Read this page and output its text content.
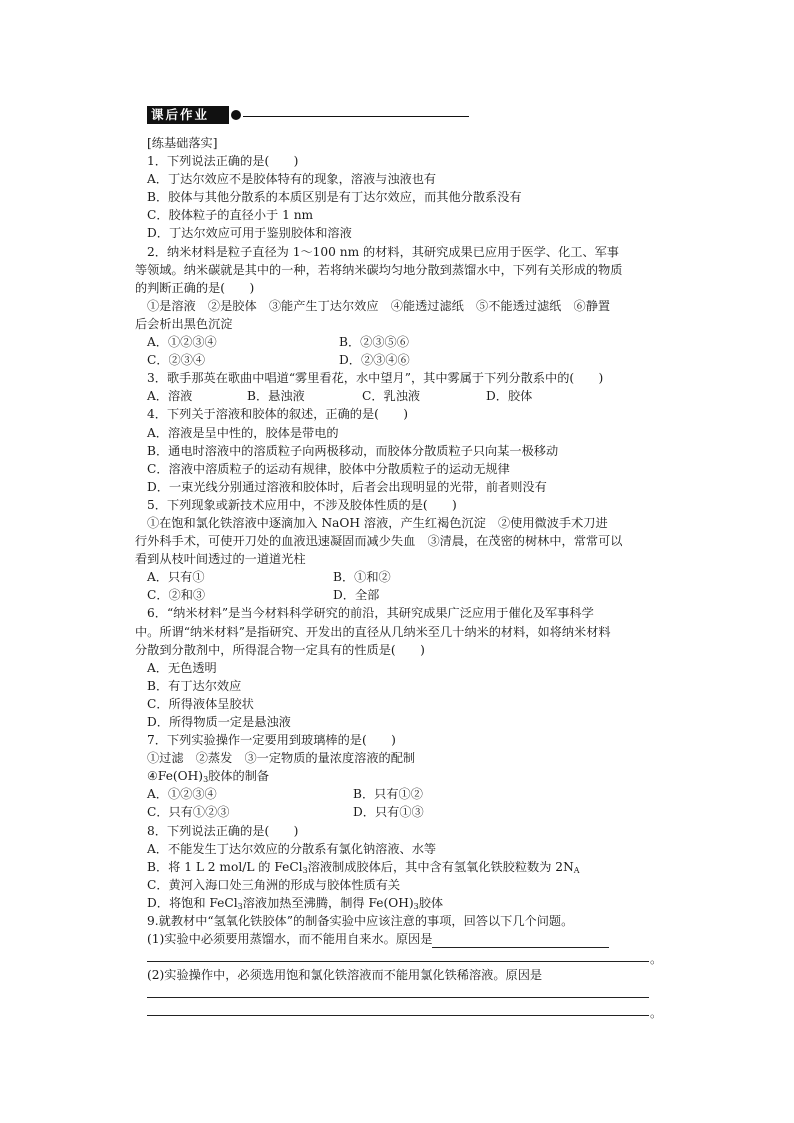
课后作业
[练基础落实]
1．下列说法正确的是(　　)
A．丁达尔效应不是胶体特有的现象，溶液与浊液也有
B．胶体与其他分散系的本质区别是有丁达尔效应，而其他分散系没有
C．胶体粒子的直径小于 1 nm
D．丁达尔效应可用于鉴别胶体和溶液
2．纳米材料是粒子直径为 1～100 nm 的材料，其研究成果已应用于医学、化工、军事
等领域。纳米碳就是其中的一种，若将纳米碳均匀地分散到蒸馏水中，下列有关形成的物质
的判断正确的是(　　)
①是溶液　②是胶体　③能产生丁达尔效应　④能透过滤纸　⑤不能透过滤纸　⑥静置
后会析出黑色沉淀
A．①②③④	B．②③⑤⑥
C．②③④	D．②③④⑥
3．歌手那英在歌曲中唱道“雾里看花，水中望月”，其中雾属于下列分散系中的(　　)
A．溶液	B．悬浊液	C．乳浊液	D．胶体
4．下列关于溶液和胶体的叙述，正确的是(　　)
A．溶液是呈中性的，胶体是带电的
B．通电时溶液中的溶质粒子向两极移动，而胶体分散质粒子只向某一极移动
C．溶液中溶质粒子的运动有规律，胶体中分散质粒子的运动无规律
D．一束光线分别通过溶液和胶体时，后者会出现明显的光带，前者则没有
5．下列现象或新技术应用中，不涉及胶体性质的是(　　)
①在饱和氯化铁溶液中逐滴加入 NaOH 溶液，产生红褐色沉淀　②使用微波手术刀进
行外科手术，可使开刀处的血液迅速凝固而减少失血　③清晨，在茂密的树林中，常常可以
看到从枝叶间透过的一道道光柱
A．只有①	B．①和②
C．②和③	D．全部
6．“纳米材料”是当今材料科学研究的前沿，其研究成果广泛应用于催化及军事科学
中。所谓“纳米材料”是指研究、开发出的直径从几纳米至几十纳米的材料，如将纳米材料
分散到分散剂中，所得混合物一定具有的性质是(　　)
A．无色透明
B．有丁达尔效应
C．所得液体呈胶状
D．所得物质一定是悬浊液
7．下列实验操作一定要用到玻璃棒的是(　　)
①过滤　②蒸发　③一定物质的量浓度溶液的配制
$④Fe(OH)_3$胶体的制备
A．①②③④	B．只有①②
C．只有①②③	D．只有①③
8．下列说法正确的是(　　)
A．不能发生丁达尔效应的分散系有氯化钠溶液、水等
B．将 1 L 2 mol/L 的 FeCl$_3$溶液制成胶体后，其中含有氢氧化铁胶粒数为 $2N_A$
C．黄河入海口处三角洲的形成与胶体性质有关
D．将饱和 FeCl$_3$溶液加热至沸腾，制得 $Fe(OH)_3$胶体
9.就教材中“氢氧化铁胶体”的制备实验中应该注意的事项，回答以下几个问题。
(1)实验中必须要用蒸馏水，而不能用自来水。原因是
。
(2)实验操作中，必须选用饱和氯化铁溶液而不能用氯化铁稀溶液。原因是
。
